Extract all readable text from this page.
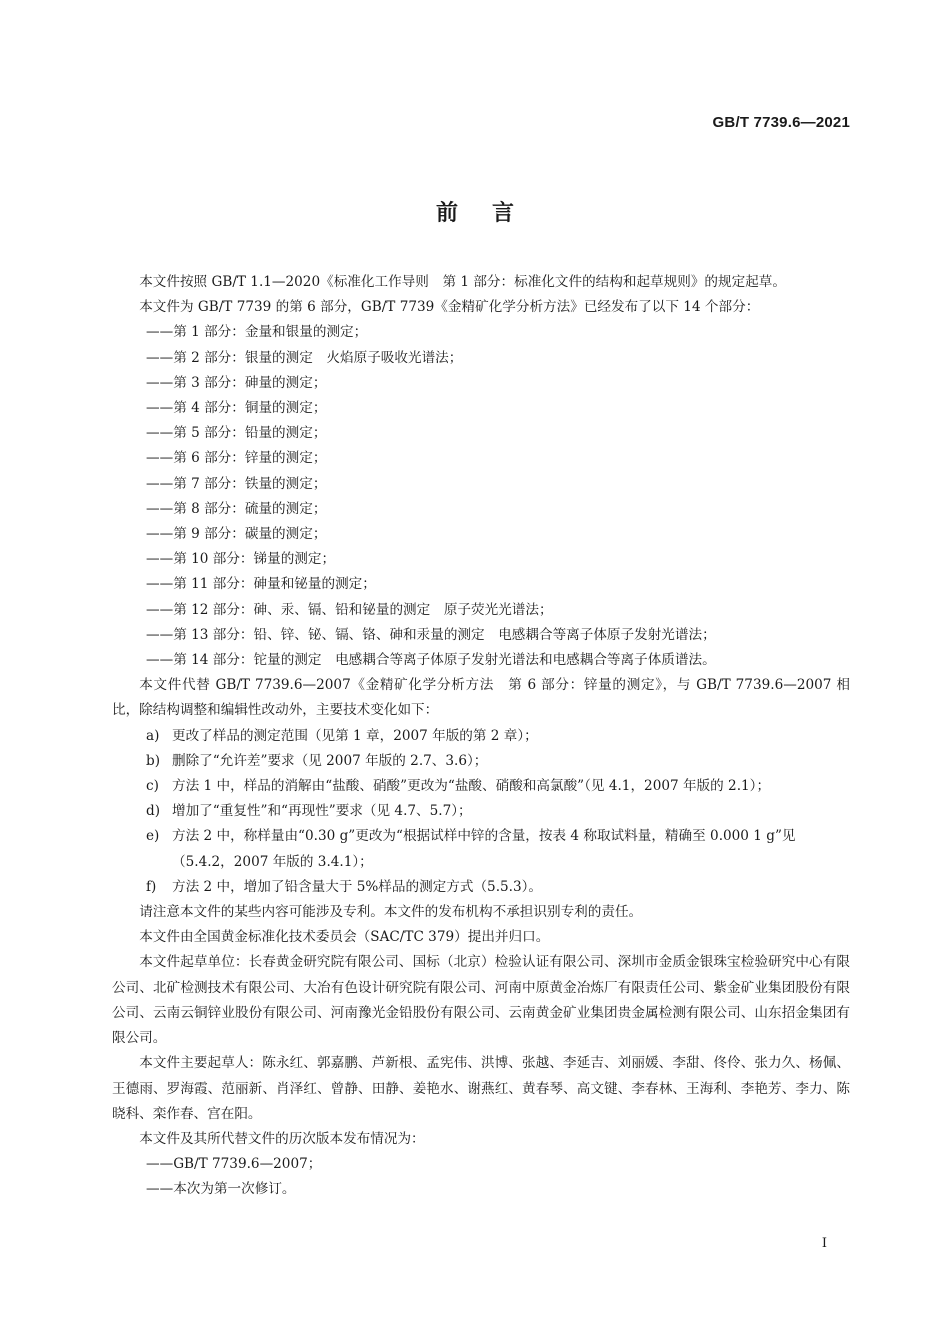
GB/T 7739.6—2021
前言

本文件按照 GB/T 1.1—2020《标准化工作导则　第 1 部分：标准化文件的结构和起草规则》的规定起草。

本文件为 GB/T 7739 的第 6 部分，GB/T 7739《金精矿化学分析方法》已经发布了以下 14 个部分：

——第 1 部分：金量和银量的测定；

——第 2 部分：银量的测定　火焰原子吸收光谱法；

——第 3 部分：砷量的测定；

——第 4 部分：铜量的测定；

——第 5 部分：铅量的测定；

——第 6 部分：锌量的测定；

——第 7 部分：铁量的测定；

——第 8 部分：硫量的测定；

——第 9 部分：碳量的测定；

——第 10 部分：锑量的测定；

——第 11 部分：砷量和铋量的测定；

——第 12 部分：砷、汞、镉、铅和铋量的测定　原子荧光光谱法；

——第 13 部分：铅、锌、铋、镉、铬、砷和汞量的测定　电感耦合等离子体原子发射光谱法；

——第 14 部分：铊量的测定　电感耦合等离子体原子发射光谱法和电感耦合等离子体质谱法。

本文件代替 GB/T 7739.6—2007《金精矿化学分析方法　第 6 部分：锌量的测定》，与 GB/T 7739.6—2007 相比，除结构调整和编辑性改动外，主要技术变化如下：

a) 更改了样品的测定范围（见第 1 章，2007 年版的第 2 章）；
b) 删除了“允许差”要求（见 2007 年版的 2.7、3.6）；
c) 方法 1 中，样品的消解由“盐酸、硝酸”更改为“盐酸、硝酸和高氯酸”（见 4.1，2007 年版的 2.1）；
d) 增加了“重复性”和“再现性”要求（见 4.7、5.7）；
e) 方法 2 中，称样量由“0.30 g”更改为“根据试样中锌的含量，按表 4 称取试料量，精确至 0.000 1 g”见（5.4.2，2007 年版的 3.4.1）；
f)	方法 2 中，增加了铅含量大于 5%样品的测定方式（5.5.3）。

请注意本文件的某些内容可能涉及专利。本文件的发布机构不承担识别专利的责任。

本文件由全国黄金标准化技术委员会（SAC/TC 379）提出并归口。

本文件起草单位：长春黄金研究院有限公司、国标（北京）检验认证有限公司、深圳市金质金银珠宝检验研究中心有限公司、北矿检测技术有限公司、大冶有色设计研究院有限公司、河南中原黄金冶炼厂有限责任公司、紫金矿业集团股份有限公司、云南云铜锌业股份有限公司、河南豫光金铅股份有限公司、云南黄金矿业集团贵金属检测有限公司、山东招金集团有限公司。

本文件主要起草人：陈永红、郭嘉鹏、芦新根、孟宪伟、洪博、张越、李延吉、刘丽媛、李甜、佟伶、张力久、杨佩、王德雨、罗海霞、范丽新、肖泽红、曾静、田静、姜艳水、谢燕红、黄春琴、高文键、李春林、王海利、李艳芳、李力、陈晓科、栾作春、宫在阳。

本文件及其所代替文件的历次版本发布情况为：

——GB/T 7739.6—2007；

——本次为第一次修订。

I
